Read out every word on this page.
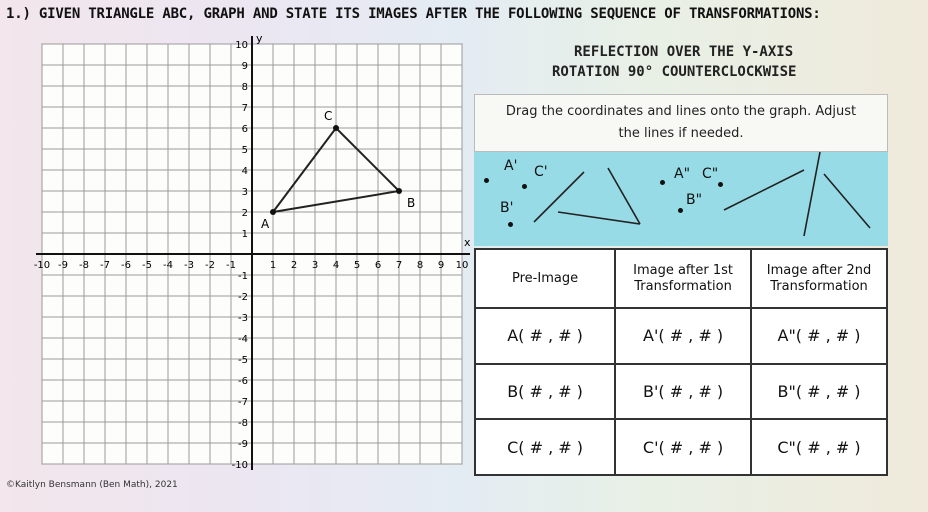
1.) GIVEN TRIANGLE ABC, GRAPH AND STATE ITS IMAGES AFTER THE FOLLOWING SEQUENCE OF TRANSFORMATIONS:
x
y
-10 -9 -8 -7 -6 -5 -4 -3 -2 -1	1 2 3 4 5 6 7 8 9 10
10
9
8
7
6
5
4
3
2
1
-1
-2
-3
-4
-5
-6
-7
-8
-9
-10
A
B
C
REFLECTION OVER THE Y-AXIS
ROTATION 90° COUNTERCLOCKWISE
Drag the coordinates and lines onto the graph. Adjust
the lines if needed.
A' C'
B'
A" C"
B"
Pre-Image	Image after 1st Transformation	Image after 2nd Transformation
A( # , # )	A'( # , # )	A"( # , # )
B( # , # )	B'( # , # )	B"( # , # )
C( # , # )	C'( # , # )	C"( # , # )
©Kaitlyn Bensmann (Ben Math), 2021
